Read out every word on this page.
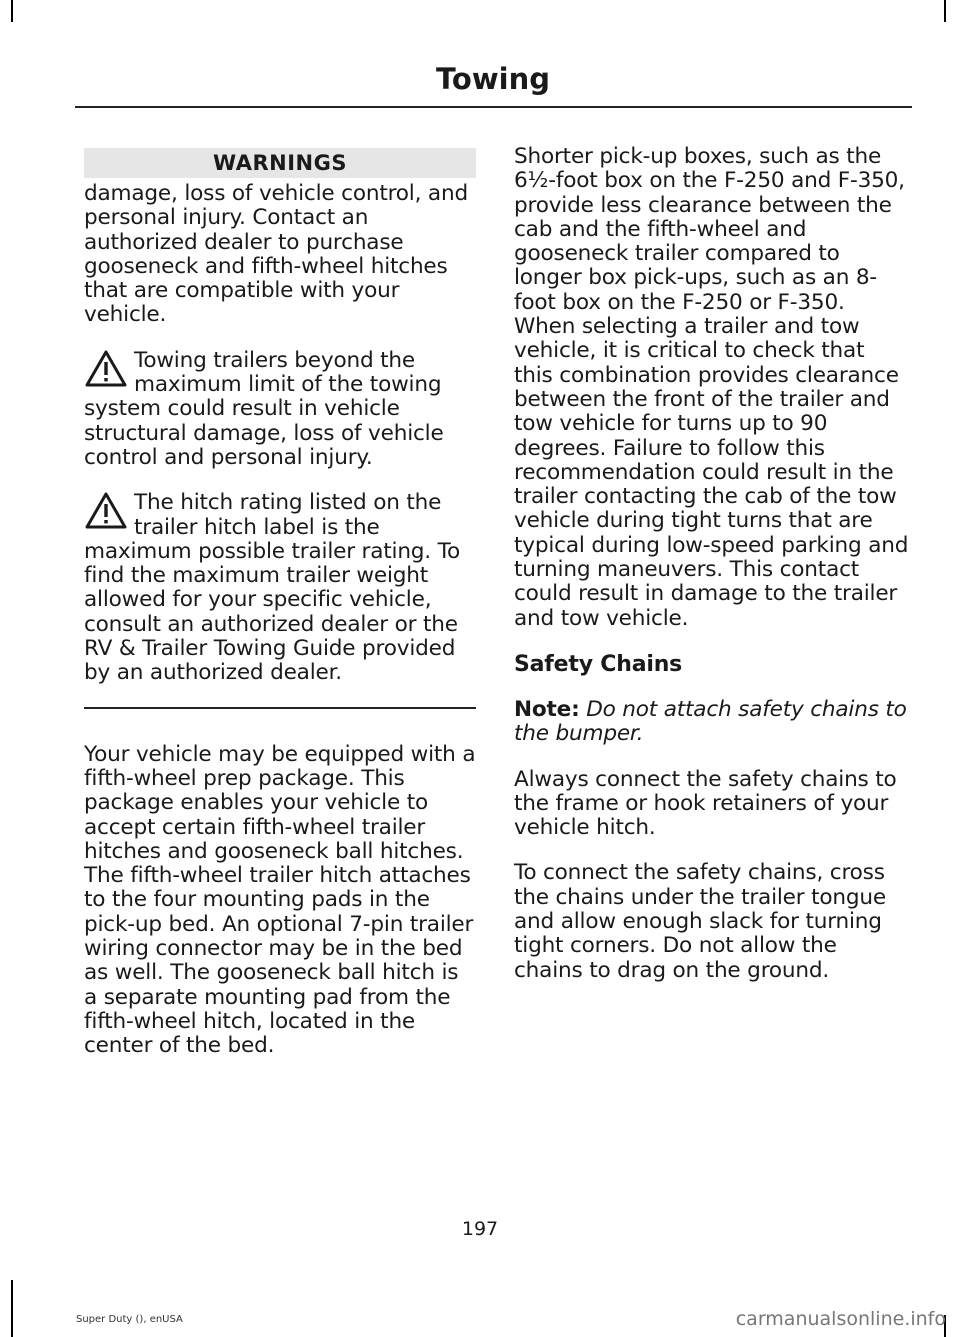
Towing
WARNINGS

damage, loss of vehicle control, and personal injury. Contact an authorized dealer to purchase gooseneck and fifth-wheel hitches that are compatible with your vehicle.

Towing trailers beyond the maximum limit of the towing system could result in vehicle structural damage, loss of vehicle control and personal injury.
The hitch rating listed on the trailer hitch label is the maximum possible trailer rating. To find the maximum trailer weight allowed for your specific vehicle, consult an authorized dealer or the RV & Trailer Towing Guide provided by an authorized dealer.

Your vehicle may be equipped with a fifth-wheel prep package. This package enables your vehicle to accept certain fifth-wheel trailer hitches and gooseneck ball hitches. The fifth-wheel trailer hitch attaches to the four mounting pads in the pick-up bed. An optional 7-pin trailer wiring connector may be in the bed as well. The gooseneck ball hitch is a separate mounting pad from the fifth-wheel hitch, located in the center of the bed.

Shorter pick-up boxes, such as the 6½-foot box on the F-250 and F-350, provide less clearance between the cab and the fifth-wheel and gooseneck trailer compared to longer box pick-ups, such as an 8-foot box on the F-250 or F-350. When selecting a trailer and tow vehicle, it is critical to check that this combination provides clearance between the front of the trailer and tow vehicle for turns up to 90 degrees. Failure to follow this recommendation could result in the trailer contacting the cab of the tow vehicle during tight turns that are typical during low-speed parking and turning maneuvers. This contact could result in damage to the trailer and tow vehicle.

Safety Chains

Note: Do not attach safety chains to the bumper.

Always connect the safety chains to the frame or hook retainers of your vehicle hitch.

To connect the safety chains, cross the chains under the trailer tongue and allow enough slack for turning tight corners. Do not allow the chains to drag on the ground.

197
Super Duty (), enUSA	carmanualsonline.info
